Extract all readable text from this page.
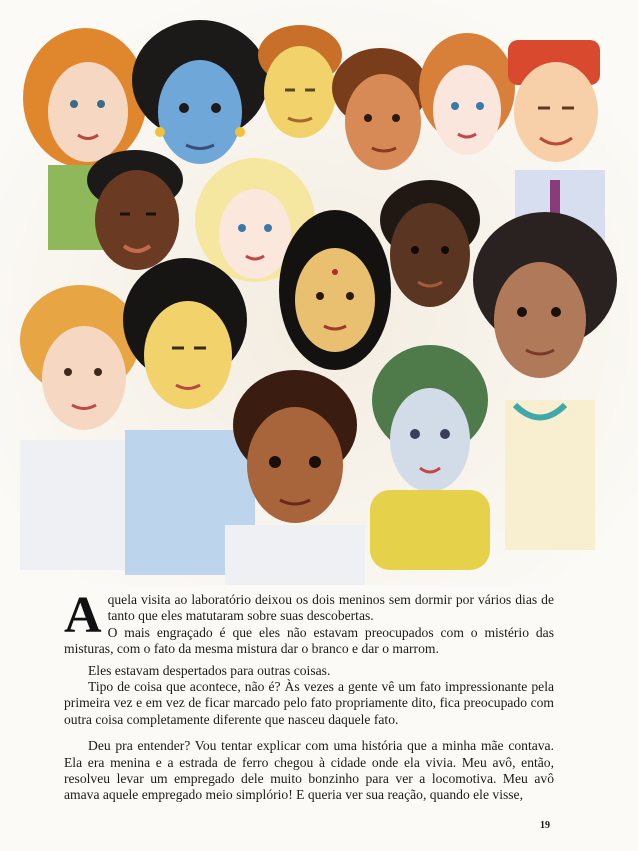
Aquela visita ao laboratório deixou os dois meninos sem dormir por vários dias de tanto que eles matutaram sobre suas descobertas.

O mais engraçado é que eles não estavam preocupados com o mistério das misturas, com o fato da mesma mistura dar o branco e dar o marrom.

Eles estavam despertados para outras coisas.

Tipo de coisa que acontece, não é? Às vezes a gente vê um fato impressionante pela primeira vez e em vez de ficar marcado pelo fato propriamente dito, fica preocupado com outra coisa completamente diferente que nasceu daquele fato.

Deu pra entender? Vou tentar explicar com uma história que a minha mãe contava. Ela era menina e a estrada de ferro chegou à cidade onde ela vivia. Meu avô, então, resolveu levar um empregado dele muito bonzinho para ver a locomotiva. Meu avô amava aquele empregado meio simplório! E queria ver sua reação, quando ele visse,

19
